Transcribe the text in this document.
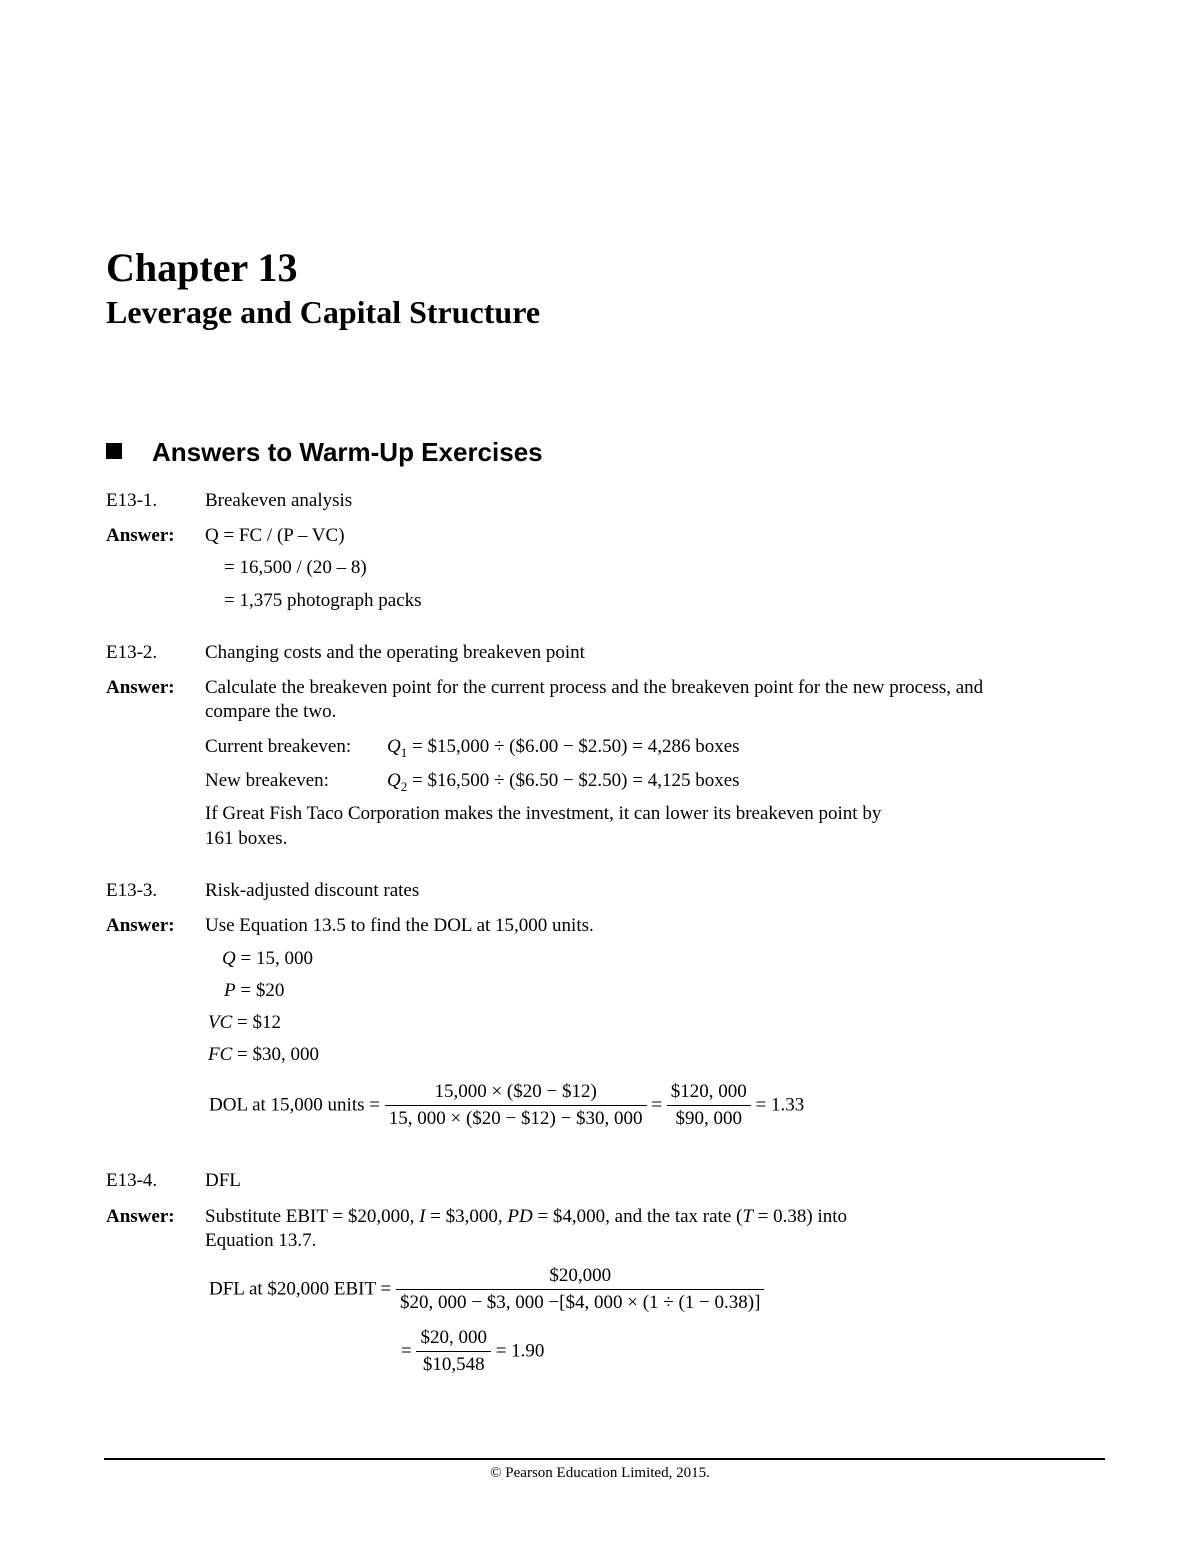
Chapter 13
Leverage and Capital Structure
Answers to Warm-Up Exercises
E13-1.	Breakeven analysis
Answer: Q = FC / (P – VC)
= 16,500 / (20 – 8)
= 1,375 photograph packs
E13-2.	Changing costs and the operating breakeven point
Answer: Calculate the breakeven point for the current process and the breakeven point for the new process, and
compare the two.
Current breakeven: $Q_1$ = $15,000 ÷ ($6.00 − $2.50) = 4,286 boxes
New breakeven:	$Q_2$ = $16,500 ÷ ($6.50 − $2.50) = 4,125 boxes
If Great Fish Taco Corporation makes the investment, it can lower its breakeven point by
161 boxes.
E13-3.	Risk-adjusted discount rates
Answer: Use Equation 13.5 to find the DOL at 15,000 units.
Q = 15, 000
P = $20
VC = $12
FC = $30, 000
DOL at 15,000 units = $\frac{15,000 \times (\$20 - \$12)}{15, 000 \times (\$20 - \$12) - \$30, 000} = \frac{\$120, 000}{\$90, 000} = 1.33$
E13-4.	DFL
Answer: Substitute EBIT = $20,000, I = $3,000, PD = $4,000, and the tax rate (T = 0.38) into
Equation 13.7.
DFL at $20,000 EBIT = $\frac{\$20,000}{\$20, 000 - \$3, 000 -[\$4, 000 \times (1 \div (1 - 0.38)]}$
= $\frac{\$20, 000}{\$10,548} = 1.90$
© Pearson Education Limited, 2015.
